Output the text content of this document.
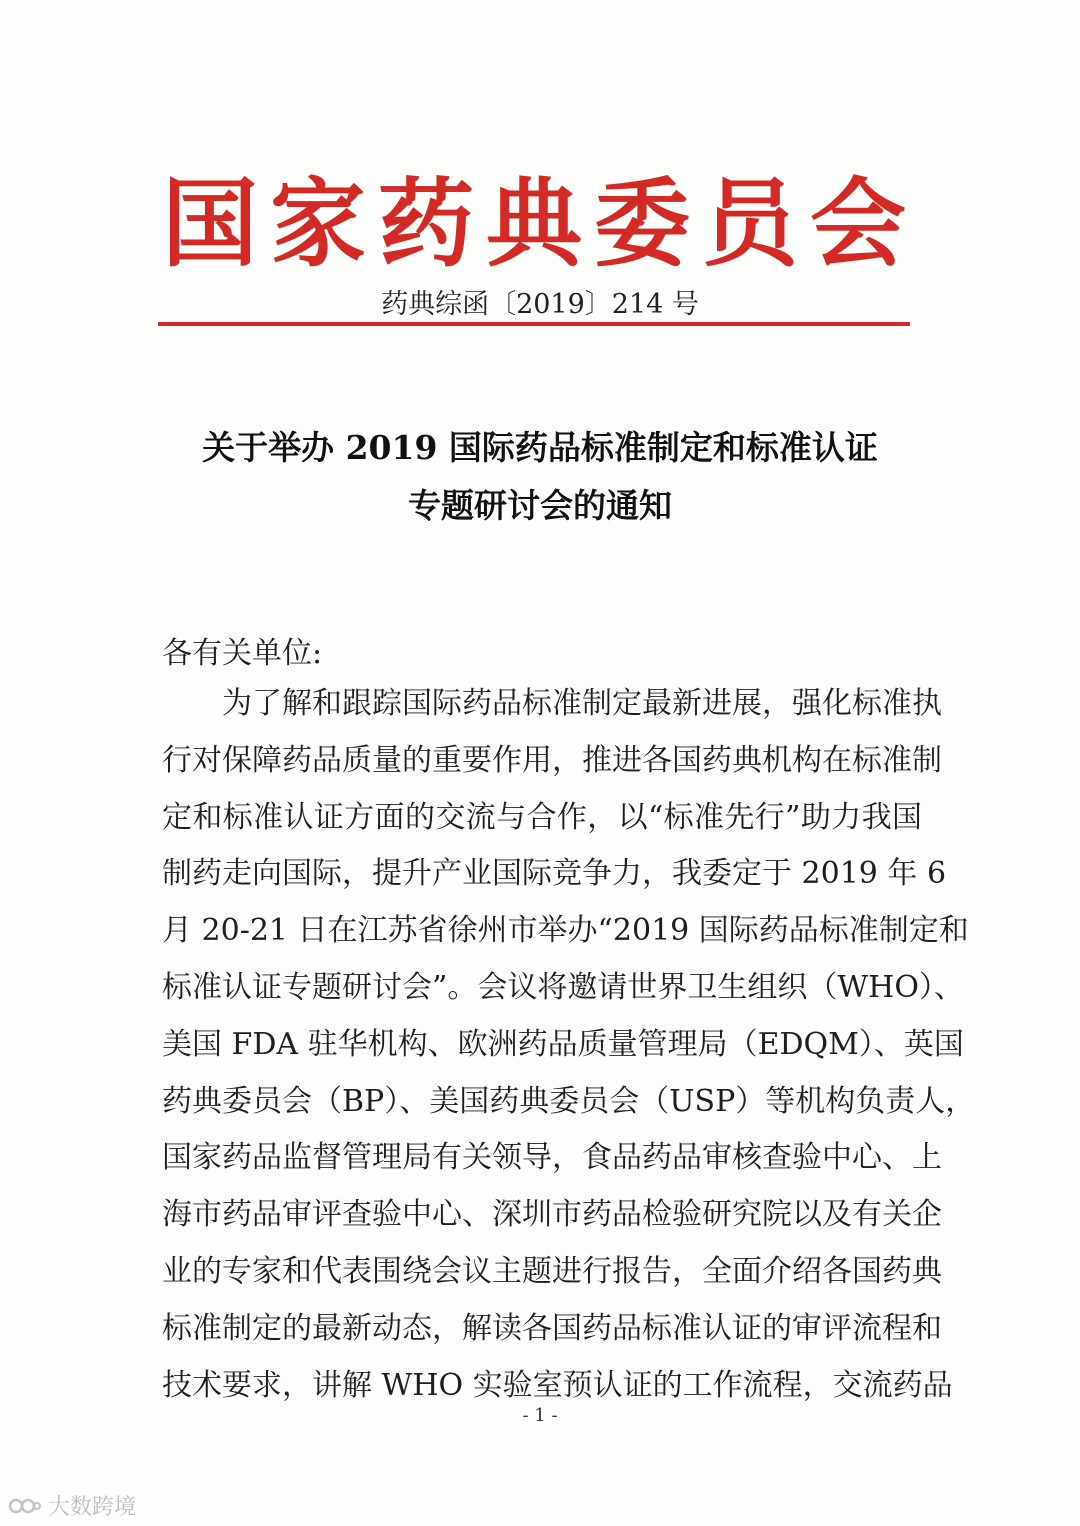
国家药典委员会
药典综函〔2019〕214 号
关于举办 2019 国际药品标准制定和标准认证
专题研讨会的通知
各有关单位:
为了解和跟踪国际药品标准制定最新进展，强化标准执
行对保障药品质量的重要作用，推进各国药典机构在标准制
定和标准认证方面的交流与合作，以“标准先行”助力我国
制药走向国际，提升产业国际竞争力，我委定于 2019 年 6
月 20-21 日在江苏省徐州市举办“2019 国际药品标准制定和
标准认证专题研讨会”。会议将邀请世界卫生组织（WHO）、
美国 FDA 驻华机构、欧洲药品质量管理局（EDQM）、英国
药典委员会（BP）、美国药典委员会（USP）等机构负责人，
国家药品监督管理局有关领导，食品药品审核查验中心、上
海市药品审评查验中心、深圳市药品检验研究院以及有关企
业的专家和代表围绕会议主题进行报告，全面介绍各国药典
标准制定的最新动态，解读各国药品标准认证的审评流程和
技术要求，讲解 WHO 实验室预认证的工作流程，交流药品
- 1 -
大数跨境
